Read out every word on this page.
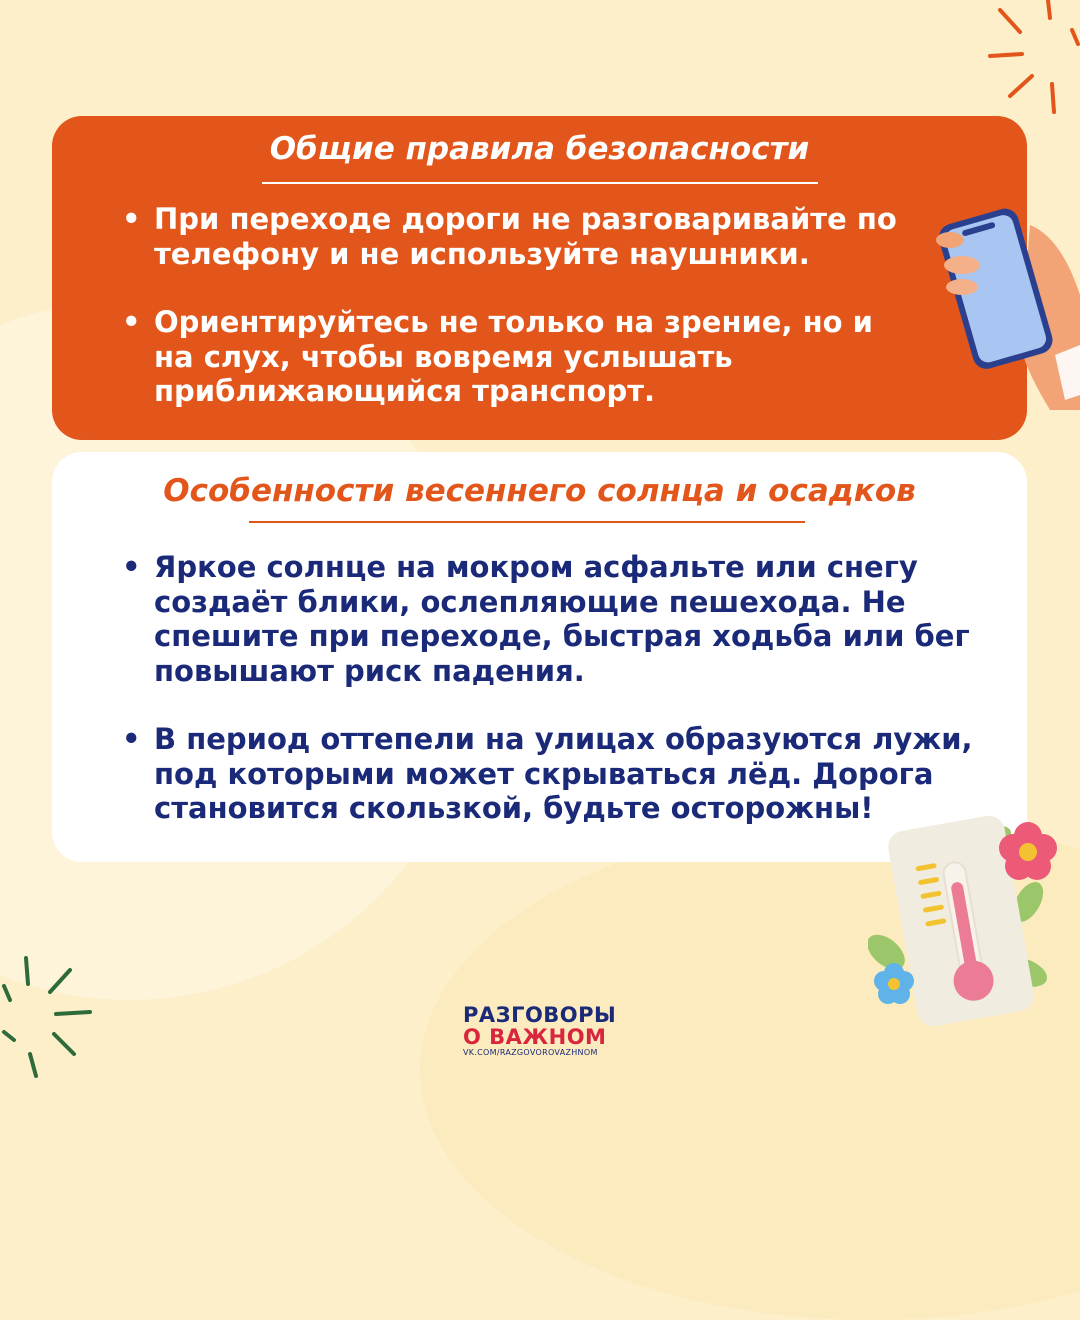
Общие правила безопасности
• При переходе дороги не разговаривайте по телефону и не используйте наушники.
• Ориентируйтесь не только на зрение, но и на слух, чтобы вовремя услышать приближающийся транспорт.
Особенности весеннего солнца и осадков
• Яркое солнце на мокром асфальте или снегу создаёт блики, ослепляющие пешехода. Не спешите при переходе, быстрая ходьба или бег повышают риск падения.
• В период оттепели на улицах образуются лужи, под которыми может скрываться лёд. Дорога становится скользкой, будьте осторожны!
РАЗГОВОРЫ
О ВАЖНОМ
VK.COM/RAZGOVOROVAZHNOM
